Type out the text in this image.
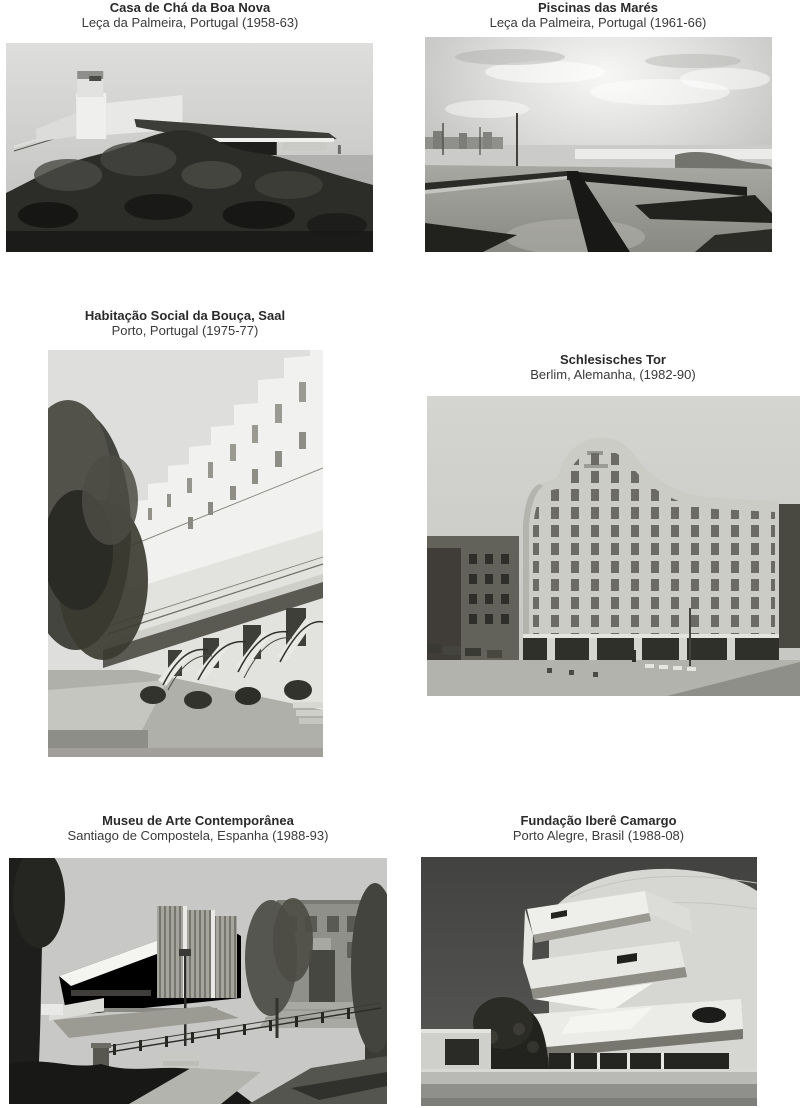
Casa de Chá da Boa Nova
Leça da Palmeira, Portugal (1958-63)
Piscinas das Marés
Leça da Palmeira, Portugal (1961-66)
Habitação Social da Bouça, Saal
Porto, Portugal (1975-77)
Schlesisches Tor
Berlim, Alemanha, (1982-90)
Museu de Arte Contemporânea
Santiago de Compostela, Espanha (1988-93)
Fundação Iberê Camargo
Porto Alegre, Brasil (1988-08)
